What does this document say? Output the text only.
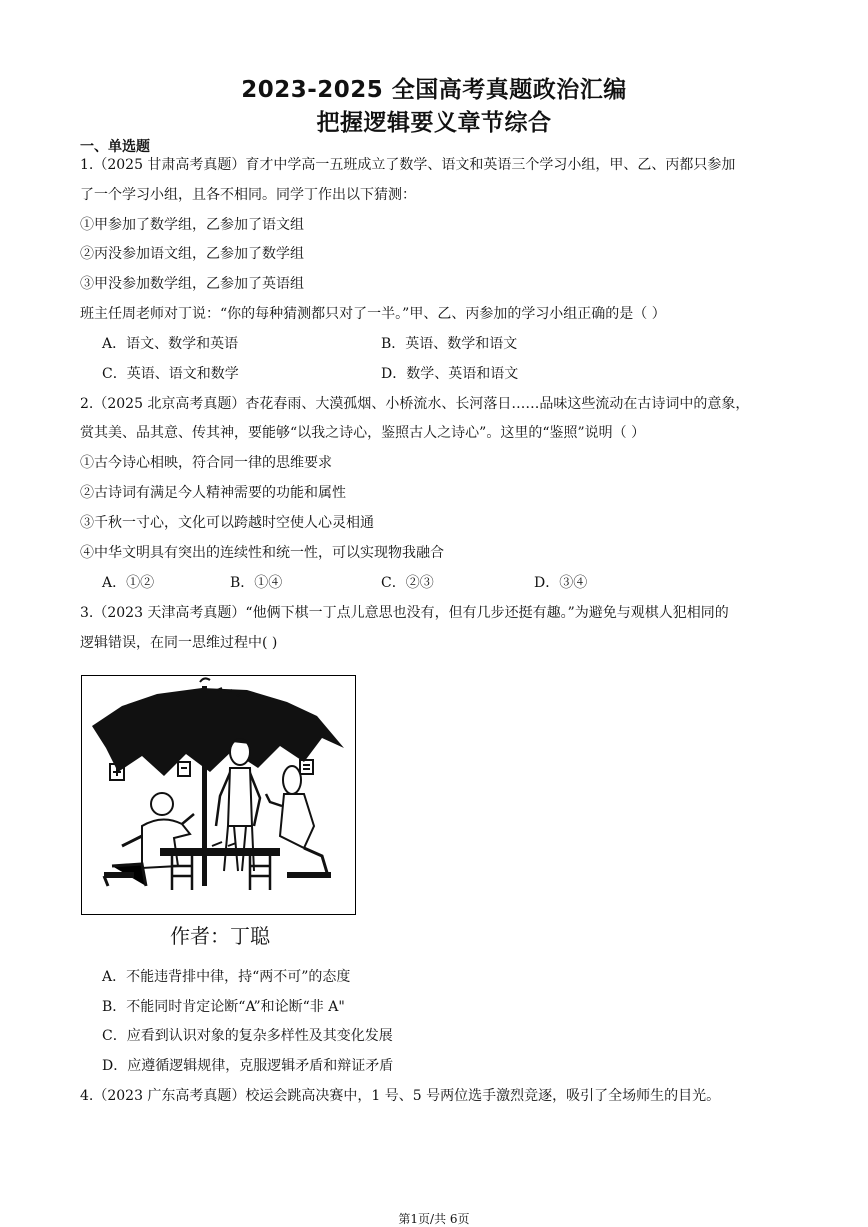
2023-2025 全国高考真题政治汇编
把握逻辑要义章节综合
一、单选题
1.（2025 甘肃高考真题）育才中学高一五班成立了数学、语文和英语三个学习小组，甲、乙、丙都只参加
了一个学习小组，且各不相同。同学丁作出以下猜测：
①甲参加了数学组，乙参加了语文组
②丙没参加语文组，乙参加了数学组
③甲没参加数学组，乙参加了英语组
班主任周老师对丁说：“你的每种猜测都只对了一半。”甲、乙、丙参加的学习小组正确的是（ ）
A．语文、数学和英语	B．英语、数学和语文
C．英语、语文和数学	D．数学、英语和语文
2.（2025 北京高考真题）杏花春雨、大漠孤烟、小桥流水、长河落日……品味这些流动在古诗词中的意象，
赏其美、品其意、传其神，要能够“以我之诗心，鉴照古人之诗心”。这里的“鉴照”说明（ ）
①古今诗心相映，符合同一律的思维要求
②古诗词有满足今人精神需要的功能和属性
③千秋一寸心，文化可以跨越时空使人心灵相通
④中华文明具有突出的连续性和统一性，可以实现物我融合
A．①②	B．①④	C．②③	D．③④
3.（2023 天津高考真题）“他俩下棋一丁点儿意思也没有，但有几步还挺有趣。”为避免与观棋人犯相同的
逻辑错误，在同一思维过程中( )
作者：丁聪
A．不能违背排中律，持“两不可”的态度
B．不能同时肯定论断“A”和论断“非 A"
C．应看到认识对象的复杂多样性及其变化发展
D．应遵循逻辑规律，克服逻辑矛盾和辩证矛盾
4.（2023 广东高考真题）校运会跳高决赛中，1 号、5 号两位选手激烈竞逐，吸引了全场师生的目光。
第1页/共 6页
